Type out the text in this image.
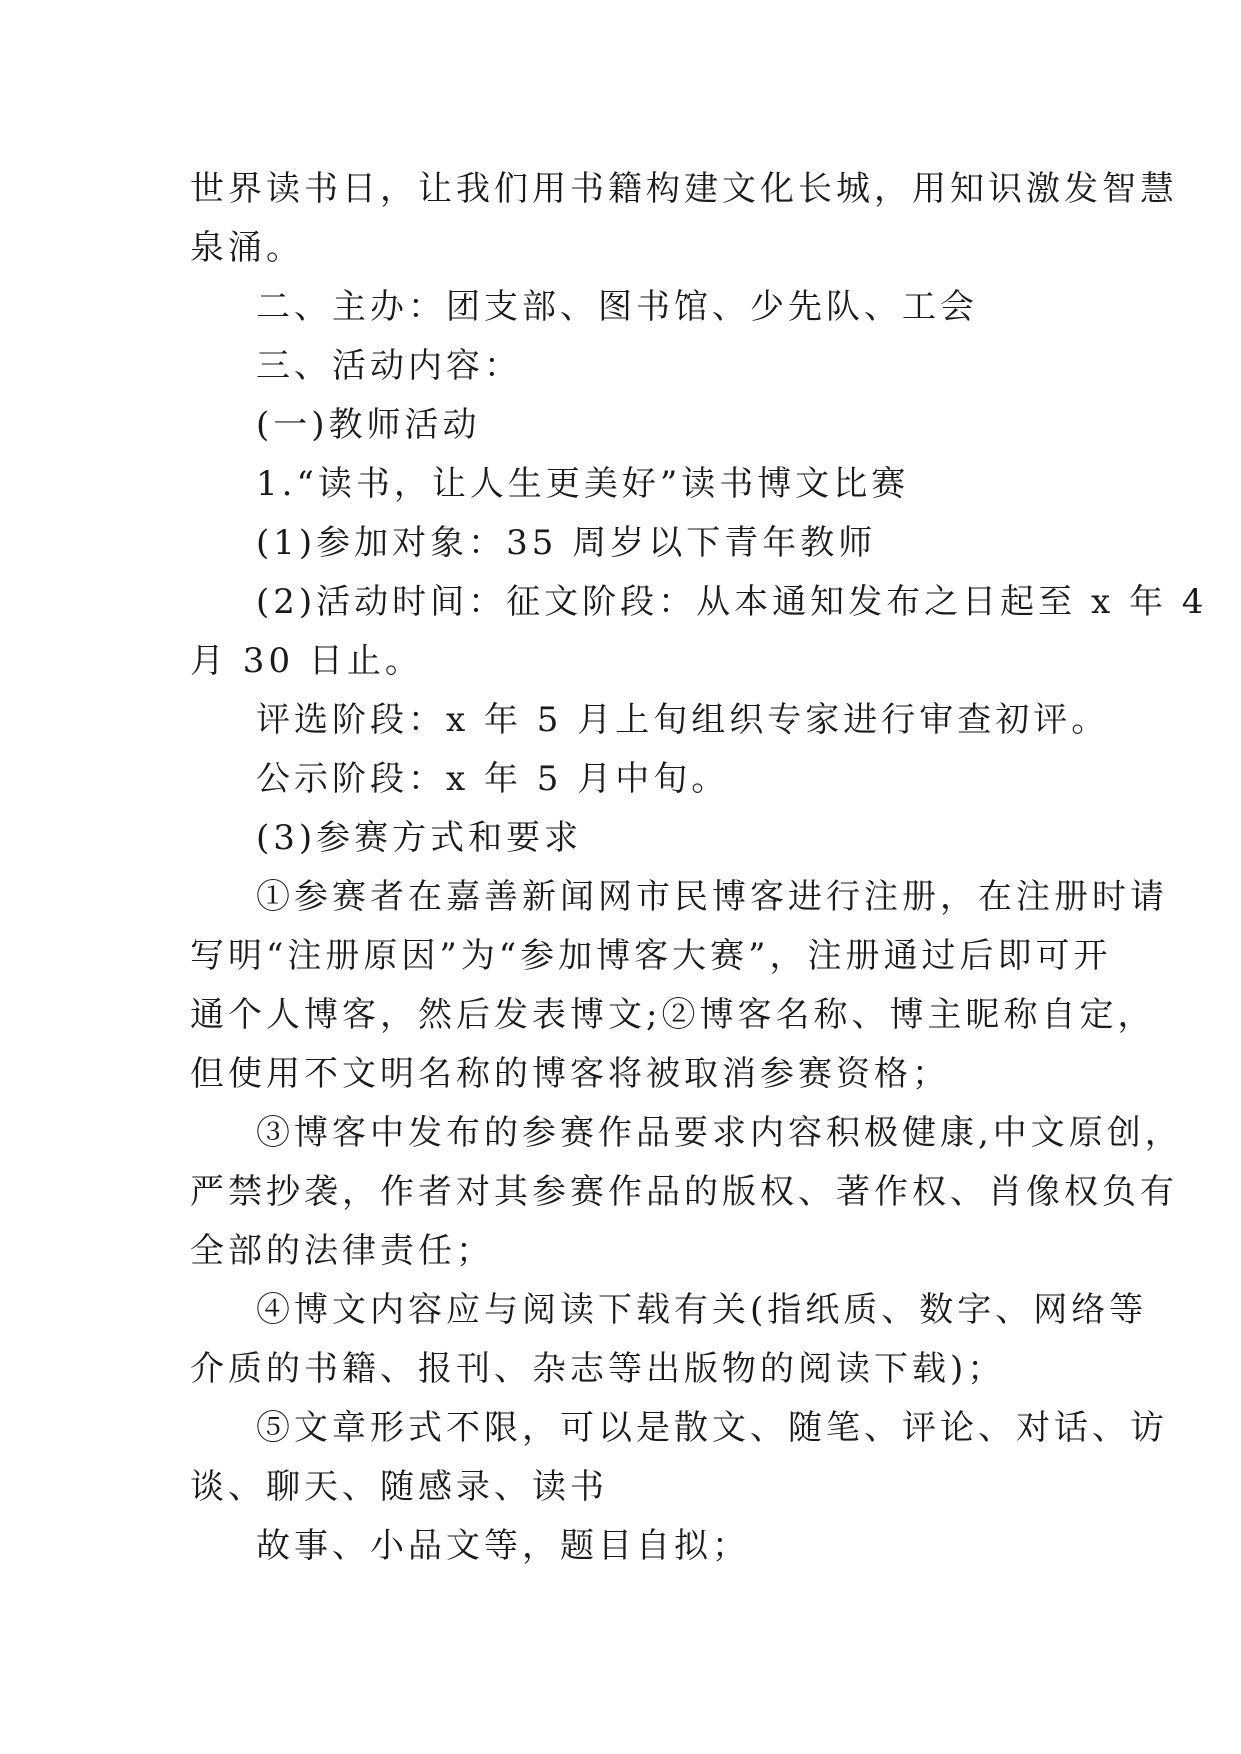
世界读书日，让我们用书籍构建文化长城，用知识激发智慧
泉涌。
二、主办：团支部、图书馆、少先队、工会
三、活动内容：
(一)教师活动
1.“读书，让人生更美好”读书博文比赛
(1)参加对象：35 周岁以下青年教师
(2)活动时间：征文阶段：从本通知发布之日起至 x 年 4
月 30 日止。
评选阶段：x 年 5 月上旬组织专家进行审查初评。
公示阶段：x 年 5 月中旬。
(3)参赛方式和要求
①参赛者在嘉善新闻网市民博客进行注册，在注册时请
写明“注册原因”为“参加博客大赛”，注册通过后即可开
通个人博客，然后发表博文;②博客名称、博主昵称自定，
但使用不文明名称的博客将被取消参赛资格；
③博客中发布的参赛作品要求内容积极健康,中文原创，
严禁抄袭，作者对其参赛作品的版权、著作权、肖像权负有
全部的法律责任；
④博文内容应与阅读下载有关(指纸质、数字、网络等
介质的书籍、报刊、杂志等出版物的阅读下载)；
⑤文章形式不限，可以是散文、随笔、评论、对话、访
谈、聊天、随感录、读书
故事、小品文等，题目自拟；
